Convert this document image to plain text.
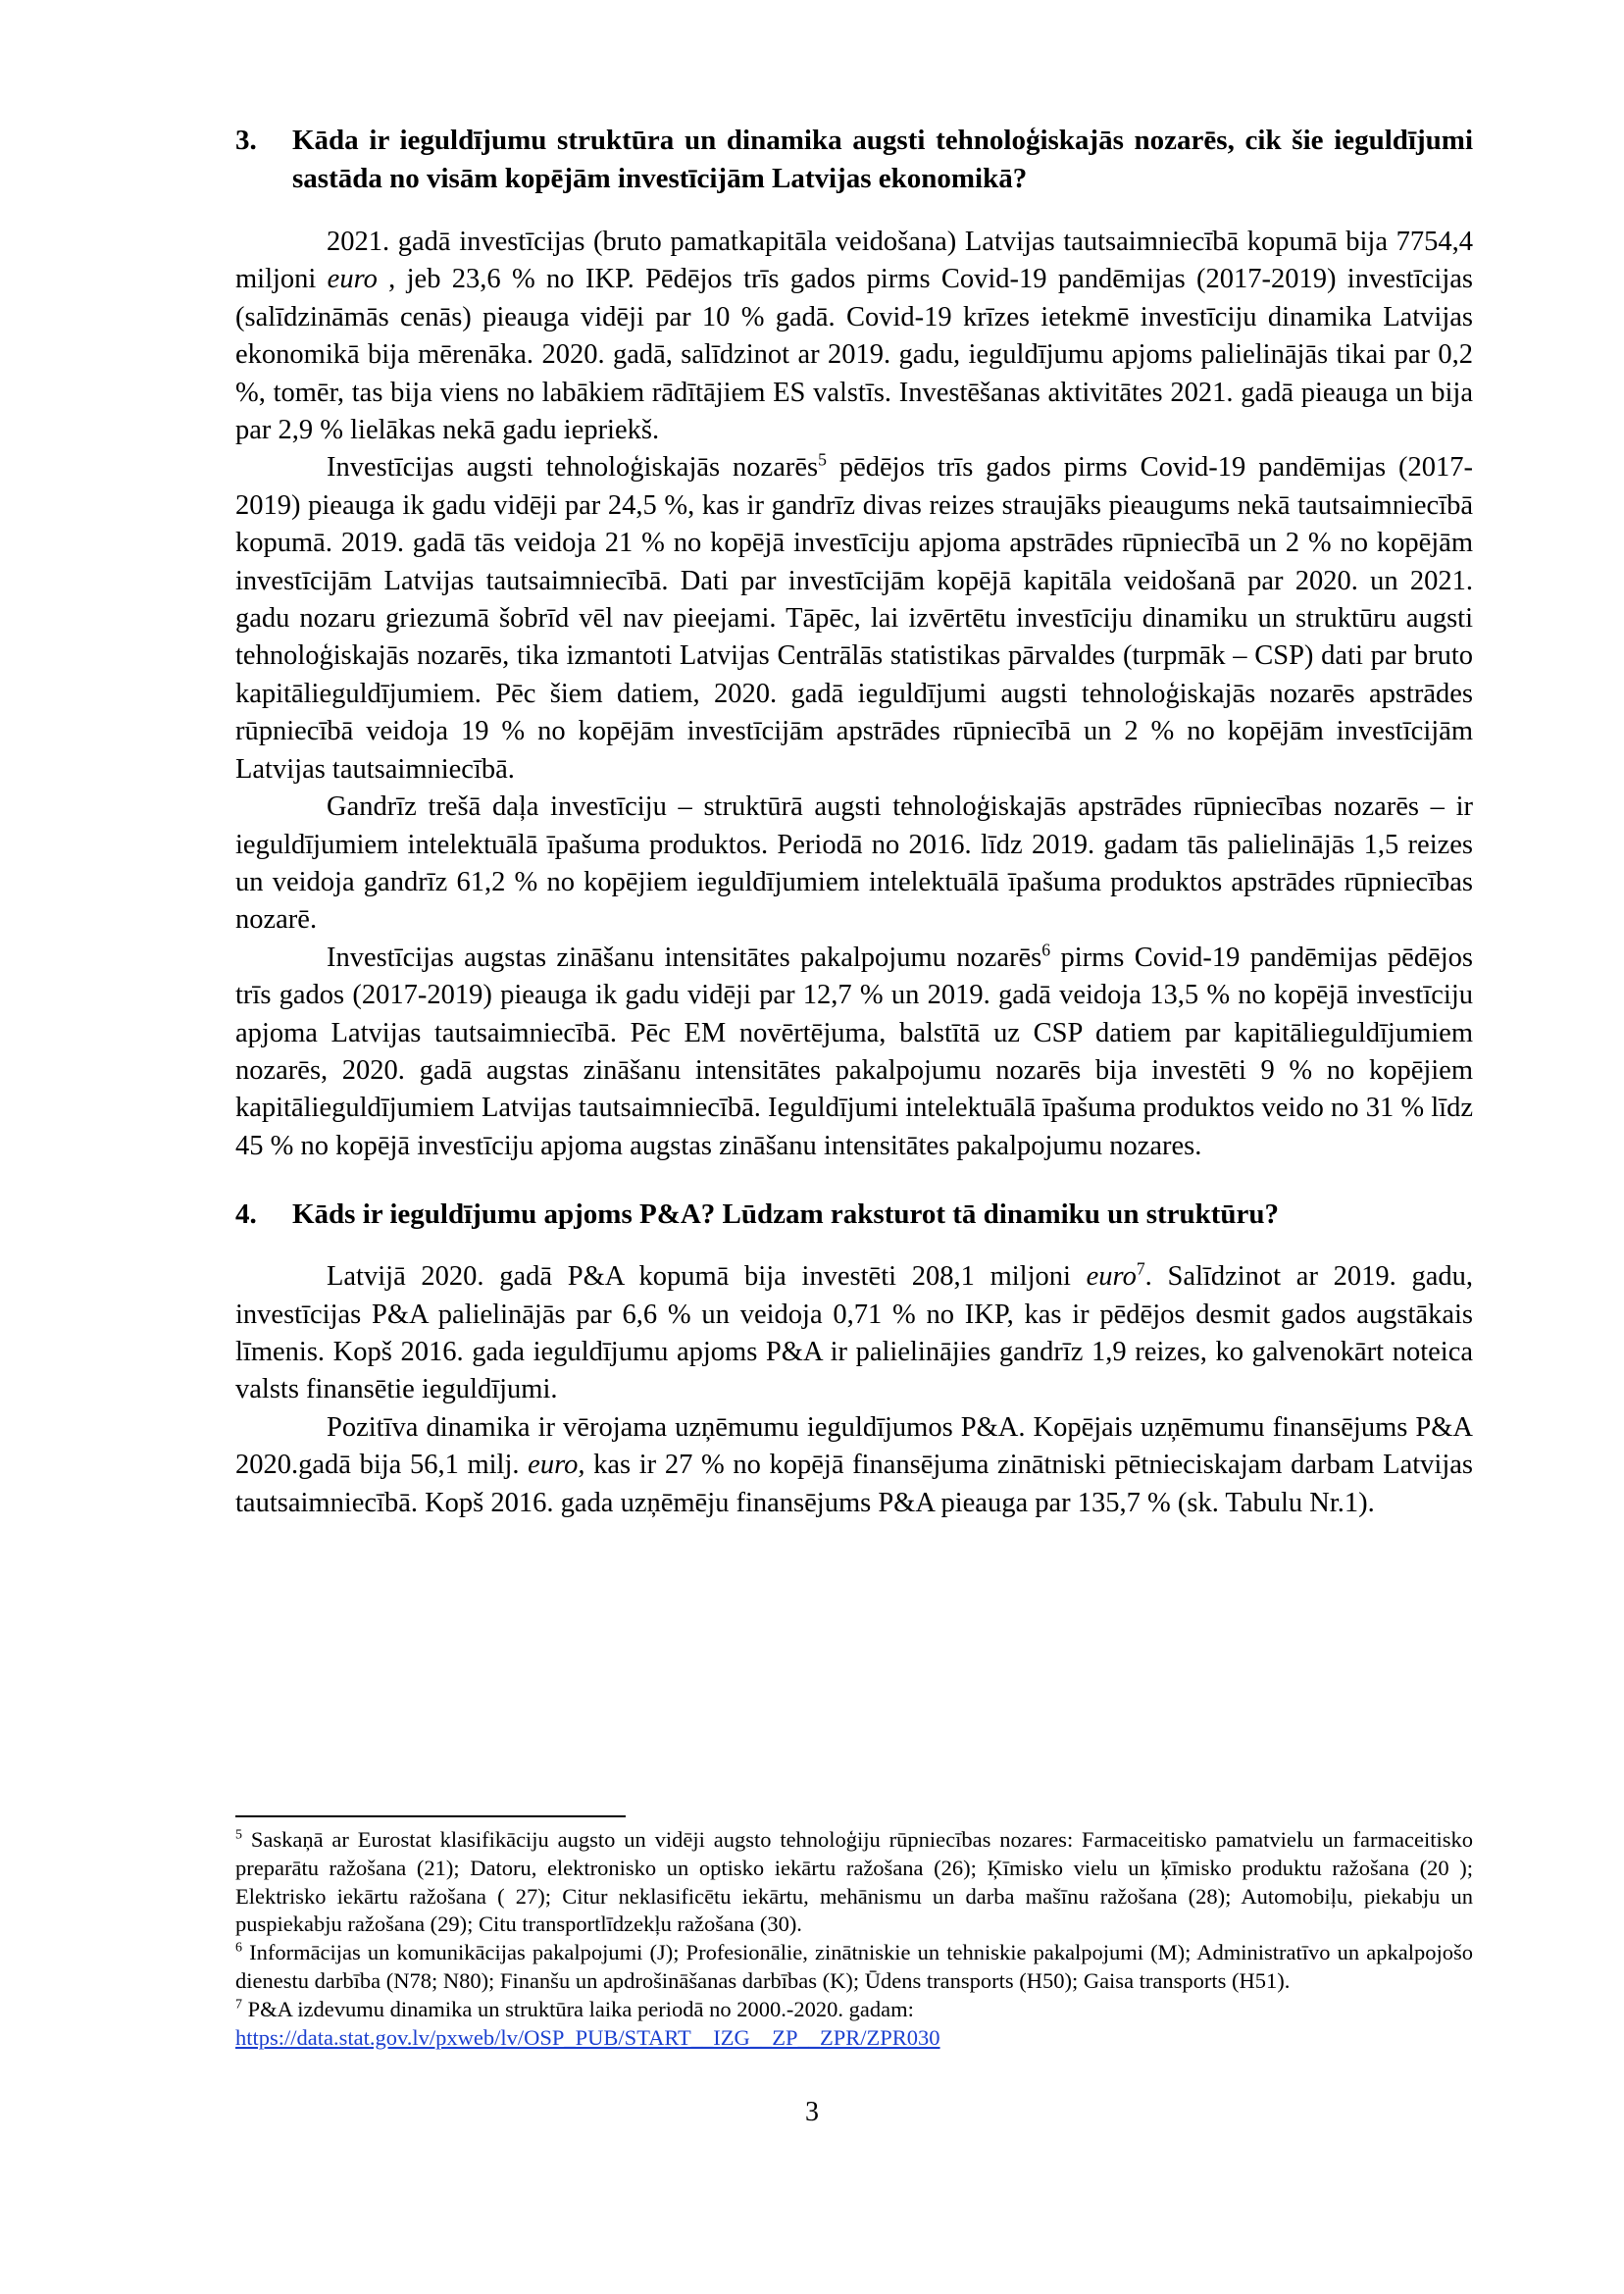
3.	Kāda ir ieguldījumu struktūra un dinamika augsti tehnoloģiskajās nozarēs, cik šie ieguldījumi sastāda no visām kopējām investīcijām Latvijas ekonomikā?

2021. gadā investīcijas (bruto pamatkapitāla veidošana) Latvijas tautsaimniecībā kopumā bija 7754,4 miljoni euro , jeb 23,6 % no IKP. Pēdējos trīs gados pirms Covid-19 pandēmijas (2017-2019) investīcijas (salīdzināmās cenās) pieauga vidēji par 10 % gadā. Covid-19 krīzes ietekmē investīciju dinamika Latvijas ekonomikā bija mērenāka. 2020. gadā, salīdzinot ar 2019. gadu, ieguldījumu apjoms palielinājās tikai par 0,2 %, tomēr, tas bija viens no labākiem rādītājiem ES valstīs. Investēšanas aktivitātes 2021. gadā pieauga un bija par 2,9 % lielākas nekā gadu iepriekš.

Investīcijas augsti tehnoloģiskajās nozarēs$^5$ pēdējos trīs gados pirms Covid-19 pandēmijas (2017-2019) pieauga ik gadu vidēji par 24,5 %, kas ir gandrīz divas reizes straujāks pieaugums nekā tautsaimniecībā kopumā. 2019. gadā tās veidoja 21 % no kopējā investīciju apjoma apstrādes rūpniecībā un 2 % no kopējām investīcijām Latvijas tautsaimniecībā. Dati par investīcijām kopējā kapitāla veidošanā par 2020. un 2021. gadu nozaru griezumā šobrīd vēl nav pieejami. Tāpēc, lai izvērtētu investīciju dinamiku un struktūru augsti tehnoloģiskajās nozarēs, tika izmantoti Latvijas Centrālās statistikas pārvaldes (turpmāk – CSP) dati par bruto kapitālieguldījumiem. Pēc šiem datiem, 2020. gadā ieguldījumi augsti tehnoloģiskajās nozarēs apstrādes rūpniecībā veidoja 19 % no kopējām investīcijām apstrādes rūpniecībā un 2 % no kopējām investīcijām Latvijas tautsaimniecībā.

Gandrīz trešā daļa investīciju – struktūrā augsti tehnoloģiskajās apstrādes rūpniecības nozarēs – ir ieguldījumiem intelektuālā īpašuma produktos. Periodā no 2016. līdz 2019. gadam tās palielinājās 1,5 reizes un veidoja gandrīz 61,2 % no kopējiem ieguldījumiem intelektuālā īpašuma produktos apstrādes rūpniecības nozarē.

Investīcijas augstas zināšanu intensitātes pakalpojumu nozarēs$^6$ pirms Covid-19 pandēmijas pēdējos trīs gados (2017-2019) pieauga ik gadu vidēji par 12,7 % un 2019. gadā veidoja 13,5 % no kopējā investīciju apjoma Latvijas tautsaimniecībā. Pēc EM novērtējuma, balstītā uz CSP datiem par kapitālieguldījumiem nozarēs, 2020. gadā augstas zināšanu intensitātes pakalpojumu nozarēs bija investēti 9 % no kopējiem kapitālieguldījumiem Latvijas tautsaimniecībā. Ieguldījumi intelektuālā īpašuma produktos veido no 31 % līdz 45 % no kopējā investīciju apjoma augstas zināšanu intensitātes pakalpojumu nozares.

4.	Kāds ir ieguldījumu apjoms P&A? Lūdzam raksturot tā dinamiku un struktūru?

Latvijā 2020. gadā P&A kopumā bija investēti 208,1 miljoni euro$^7$. Salīdzinot ar 2019. gadu, investīcijas P&A palielinājās par 6,6 % un veidoja 0,71 % no IKP, kas ir pēdējos desmit gados augstākais līmenis. Kopš 2016. gada ieguldījumu apjoms P&A ir palielinājies gandrīz 1,9 reizes, ko galvenokārt noteica valsts finansētie ieguldījumi.

Pozitīva dinamika ir vērojama uzņēmumu ieguldījumos P&A. Kopējais uzņēmumu finansējums P&A 2020.gadā bija 56,1 milj. euro, kas ir 27 % no kopējā finansējuma zinātniski pētnieciskajam darbam Latvijas tautsaimniecībā. Kopš 2016. gada uzņēmēju finansējums P&A pieauga par 135,7 % (sk. Tabulu Nr.1).

$^5$ Saskaņā ar Eurostat klasifikāciju augsto un vidēji augsto tehnoloģiju rūpniecības nozares: Farmaceitisko pamatvielu un farmaceitisko preparātu ražošana (21); Datoru, elektronisko un optisko iekārtu ražošana (26); Ķīmisko vielu un ķīmisko produktu ražošana (20 ); Elektrisko iekārtu ražošana ( 27); Citur neklasificētu iekārtu, mehānismu un darba mašīnu ražošana (28); Automobiļu, piekabju un puspiekabju ražošana (29); Citu transportlīdzekļu ražošana (30).

$^6$ Informācijas un komunikācijas pakalpojumi (J); Profesionālie, zinātniskie un tehniskie pakalpojumi (M); Administratīvo un apkalpojošo dienestu darbība (N78; N80); Finanšu un apdrošināšanas darbības (K); Ūdens transports (H50); Gaisa transports (H51).

$^7$ P&A izdevumu dinamika un struktūra laika periodā no 2000.-2020. gadam:
https://data.stat.gov.lv/pxweb/lv/OSP_PUB/START__IZG__ZP__ZPR/ZPR030

3
